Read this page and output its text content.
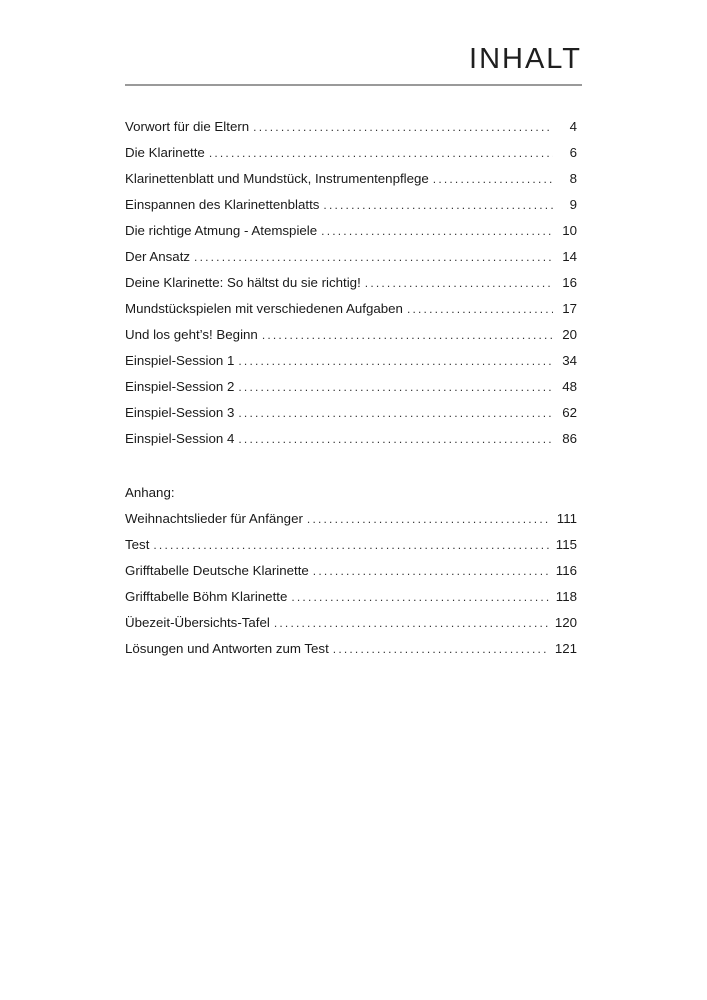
INHALT
Vorwort für die Eltern .....	4
Die Klarinette .....	6
Klarinettenblatt und Mundstück, Instrumentenpflege .....	8
Einspannen des Klarinettenblatts .....	9
Die richtige Atmung - Atemspiele .....	10
Der Ansatz .....	14
Deine Klarinette: So hältst du sie richtig! .....	16
Mundstückspielen mit verschiedenen Aufgaben .....	17
Und los geht’s! Beginn .....	20
Einspiel-Session 1 .....	34
Einspiel-Session 2 .....	48
Einspiel-Session 3 .....	62
Einspiel-Session 4 .....	86
Anhang:
Weihnachtslieder für Anfänger .....	111
Test .....	115
Grifftabelle Deutsche Klarinette .....	116
Grifftabelle Böhm Klarinette .....	118
Übezeit-Übersichts-Tafel .....	120
Lösungen und Antworten zum Test .....	121
